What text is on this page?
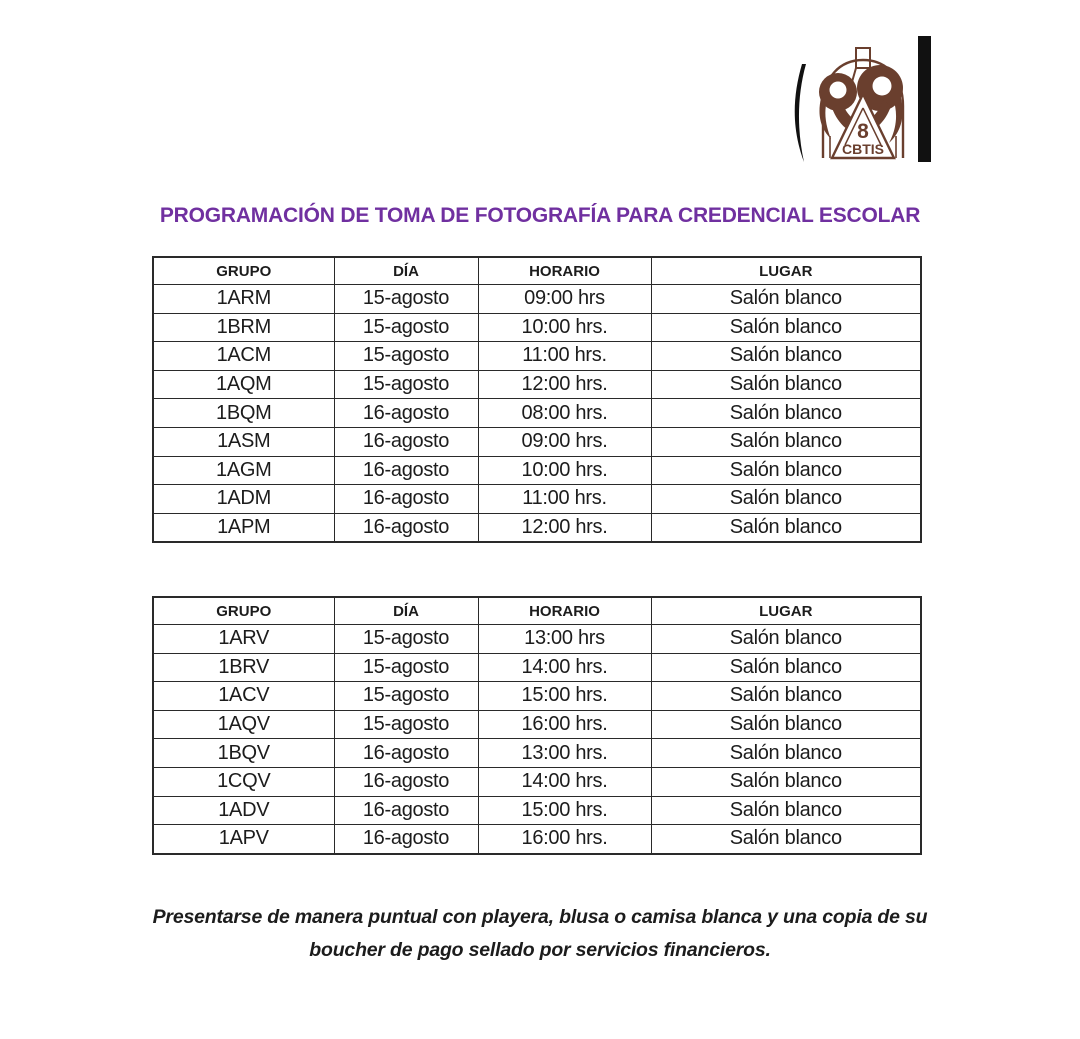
8
CBTIS
PROGRAMACIÓN DE TOMA DE FOTOGRAFÍA PARA CREDENCIAL ESCOLAR
GRUPO	DÍA	HORARIO	LUGAR
1ARM	15-agosto	09:00 hrs	Salón blanco
1BRM	15-agosto	10:00 hrs.	Salón blanco
1ACM	15-agosto	11:00 hrs.	Salón blanco
1AQM	15-agosto	12:00 hrs.	Salón blanco
1BQM	16-agosto	08:00 hrs.	Salón blanco
1ASM	16-agosto	09:00 hrs.	Salón blanco
1AGM	16-agosto	10:00 hrs.	Salón blanco
1ADM	16-agosto	11:00 hrs.	Salón blanco
1APM	16-agosto	12:00 hrs.	Salón blanco
GRUPO	DÍA	HORARIO	LUGAR
1ARV	15-agosto	13:00 hrs	Salón blanco
1BRV	15-agosto	14:00 hrs.	Salón blanco
1ACV	15-agosto	15:00 hrs.	Salón blanco
1AQV	15-agosto	16:00 hrs.	Salón blanco
1BQV	16-agosto	13:00 hrs.	Salón blanco
1CQV	16-agosto	14:00 hrs.	Salón blanco
1ADV	16-agosto	15:00 hrs.	Salón blanco
1APV	16-agosto	16:00 hrs.	Salón blanco
Presentarse de manera puntual con playera, blusa o camisa blanca y una copia de su
boucher de pago sellado por servicios financieros.
